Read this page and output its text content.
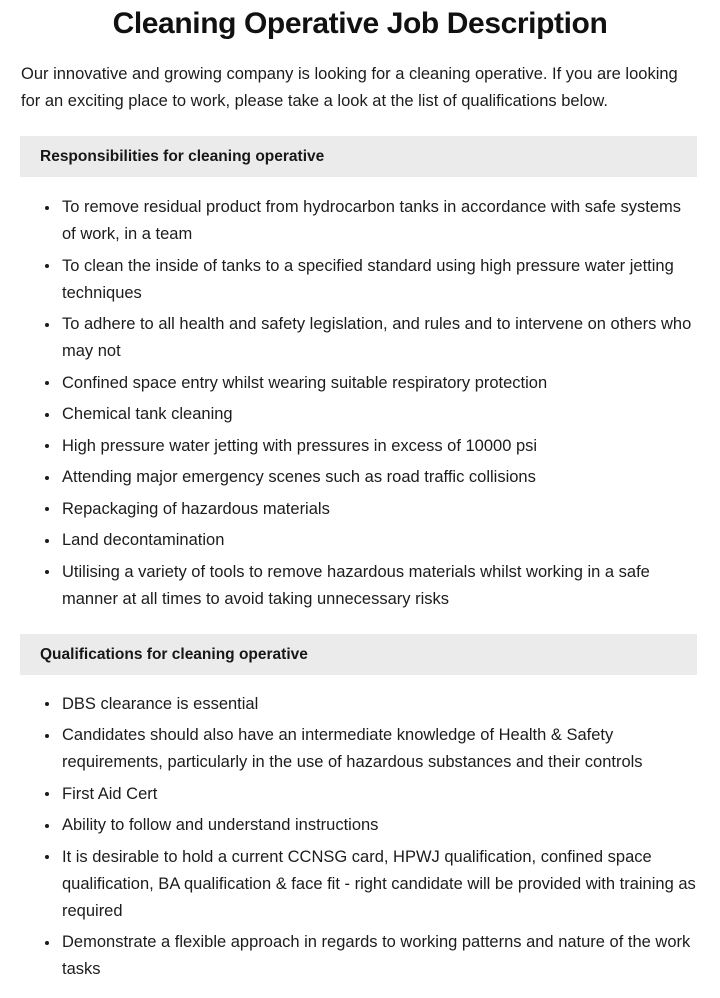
Cleaning Operative Job Description

Our innovative and growing company is looking for a cleaning operative. If you are looking for an exciting place to work, please take a look at the list of qualifications below.

Responsibilities for cleaning operative
To remove residual product from hydrocarbon tanks in accordance with safe systems of work, in a team
To clean the inside of tanks to a specified standard using high pressure water jetting techniques
To adhere to all health and safety legislation, and rules and to intervene on others who may not
Confined space entry whilst wearing suitable respiratory protection
Chemical tank cleaning
High pressure water jetting with pressures in excess of 10000 psi
Attending major emergency scenes such as road traffic collisions
Repackaging of hazardous materials
Land decontamination
Utilising a variety of tools to remove hazardous materials whilst working in a safe manner at all times to avoid taking unnecessary risks
Qualifications for cleaning operative
DBS clearance is essential
Candidates should also have an intermediate knowledge of Health & Safety requirements, particularly in the use of hazardous substances and their controls
First Aid Cert
Ability to follow and understand instructions
It is desirable to hold a current CCNSG card, HPWJ qualification, confined space qualification, BA qualification & face fit - right candidate will be provided with training as required
Demonstrate a flexible approach in regards to working patterns and nature of the work tasks
